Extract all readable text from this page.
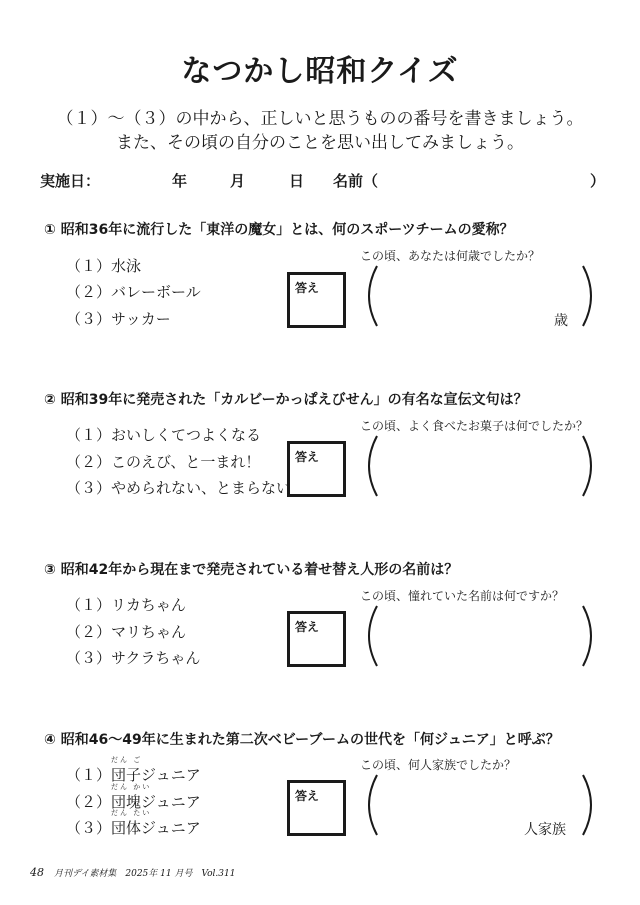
なつかし昭和クイズ
（１）～（３）の中から、正しいと思うものの番号を書きましょう。
また、その頃の自分のことを思い出してみましょう。
実施日：	年	月	日 名前（	）
① 昭和36年に流行した「東洋の魔女」とは、何のスポーツチームの愛称？
（１）水泳
（２）バレーボール
（３）サッカー
答え
この頃、あなたは何歳でしたか？
歳
② 昭和39年に発売された「カルビーかっぱえびせん」の有名な宣伝文句は？
（１）おいしくてつよくなる
（２）このえび、と一まれ！
（３）やめられない、とまらない
答え
この頃、よく食べたお菓子は何でしたか？
③ 昭和42年から現在まで発売されている着せ替え人形の名前は？
（１）リカちゃん
（２）マリちゃん
（３）サクラちゃん
答え
この頃、憧れていた名前は何ですか？
④ 昭和46～49年に生まれた第二次ベビーブームの世代を「何ジュニア」と呼ぶ？
（１）
だん ご
団子ジュニア
（２）
だん かい
団塊ジュニア
（３）
だん たい
団体ジュニア
答え
この頃、何人家族でしたか？
人家族
48 月刊デイ素材集　2025年 11 月号　Vol.311
